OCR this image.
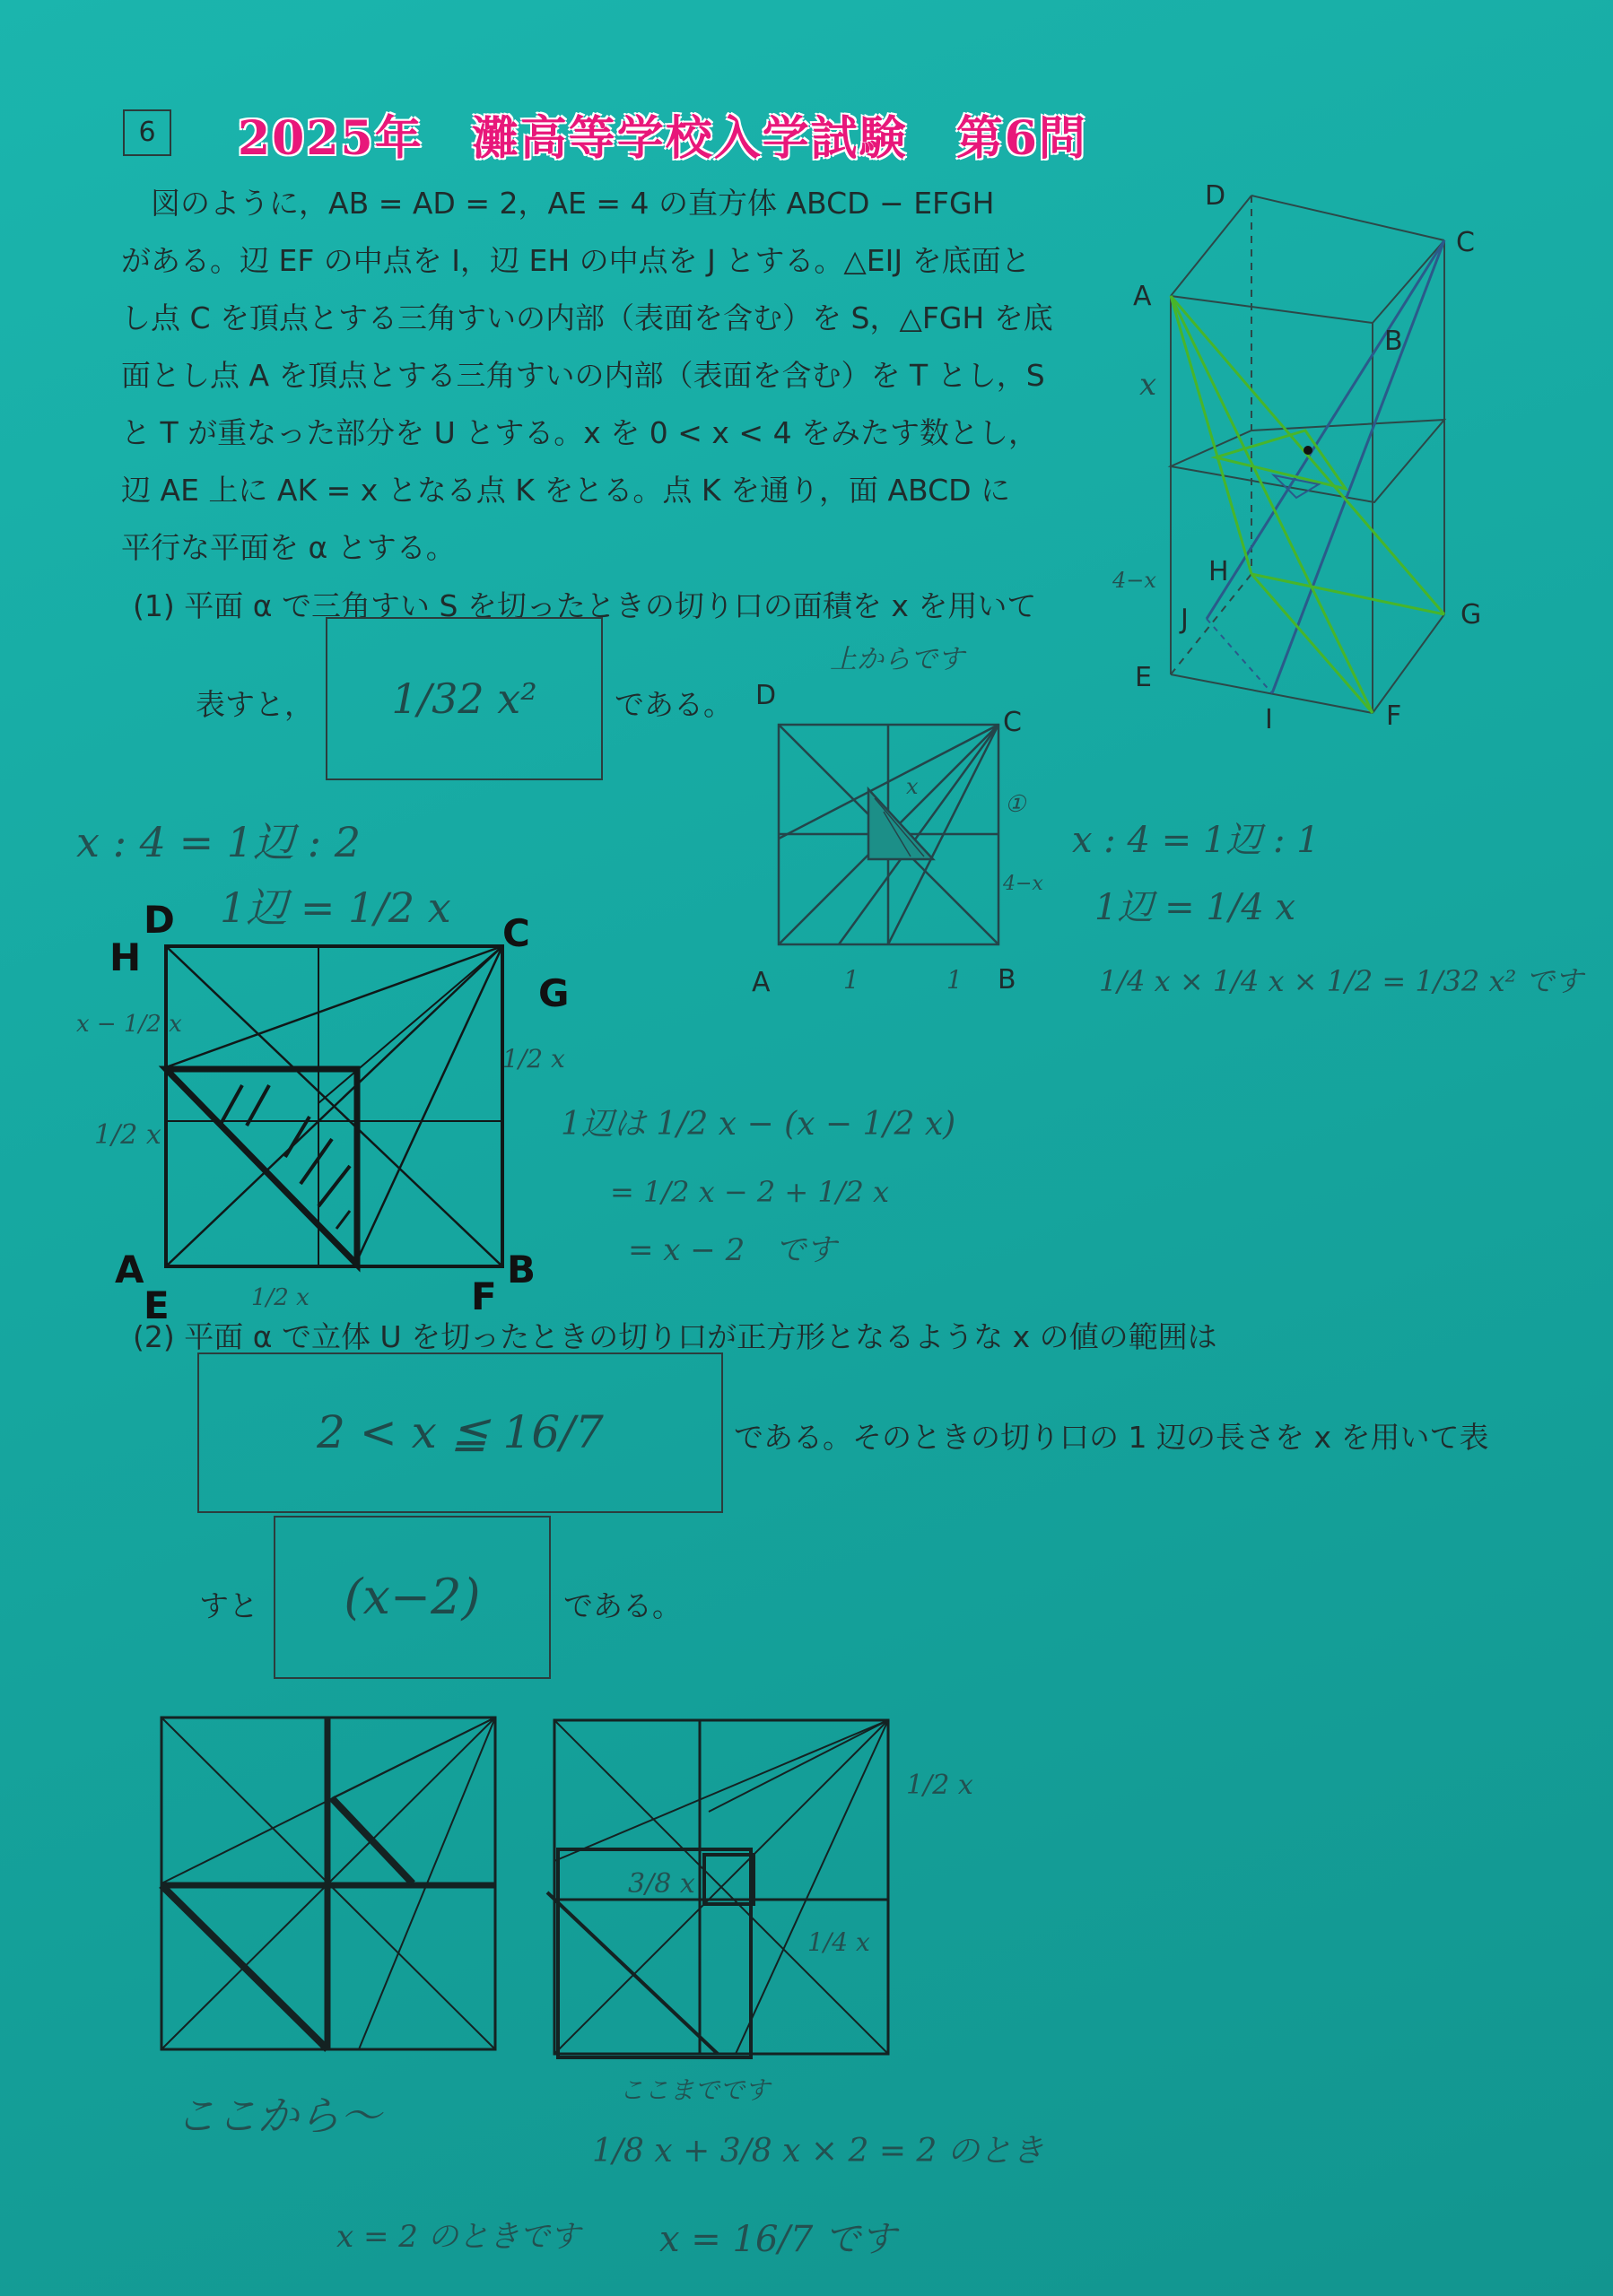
6	2025年　灘高等学校入学試験　第6問

　図のように，AB = AD = 2，AE = 4 の直方体 ABCD − EFGH

がある。辺 EF の中点を I，辺 EH の中点を J とする。△EIJ を底面と

し点 C を頂点とする三角すいの内部（表面を含む）を S，△FGH を底

面とし点 A を頂点とする三角すいの内部（表面を含む）を T とし，S

と T が重なった部分を U とする。x を 0 < x < 4 をみたす数とし，

辺 AE 上に AK = x となる点 K をとる。点 K を通り，面 ABCD に

平行な平面を α とする。

(1) 平面 α で三角すい S を切ったときの切り口の面積を x を用いて
表すと，	1/32 x²	である。
(2) 平面 α で立体 U を切ったときの切り口が正方形となるような x の値の範囲は
2 < x ≦ 16/7	である。そのときの切り口の 1 辺の長さを x を用いて表
すと	(x−2)	である。
D
C
A
B
H
G
J
E
I	F
x
4−x
上からです
D
C
A	B
1	1
①
4−x
x
x : 4 = 1辺 : 1
1辺 = 1/4 x
1/4 x × 1/4 x × 1/2 = 1/32 x² です
x : 4 = 1辺 : 2
1辺 = 1/2 x
H
D	C
G
A
E
B
F
x − 1/2 x
1/2 x
1/2 x
1/2 x
1辺は 1/2 x − (x − 1/2 x)
= 1/2 x − 2 + 1/2 x
= x − 2　です
ここから〜
1/2 x
3/8 x
1/4 x
ここまでです
1/8 x + 3/8 x × 2 = 2 のとき
x = 2 のときです x = 16/7 です
